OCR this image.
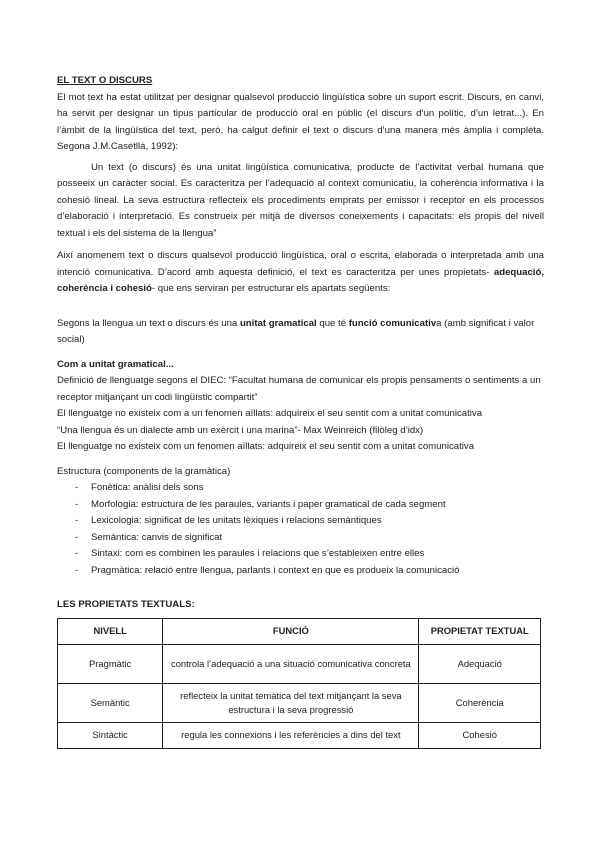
EL TEXT O DISCURS

El mot text ha estat utilitzat per designar qualsevol producció lingüística sobre un suport escrit. Discurs, en canvi, ha servit per designar un tipus particular de producció oral en públic (el discurs d’un polític, d’un letrat...). En l’àmbit de la lingüística del text, però, ha calgut definir el text o discurs d’una manera més àmplia i completa. Segona J.M.Casetllà, 1992):

Un text (o discurs) és una unitat lingüística comunicativa, producte de l’activitat verbal humana que posseeix un caràcter social. Es caracteritza per l’adequació al context comunicatiu, la coherència informativa i la cohesió lineal. La seva estructura reflecteix els procediments emprats per emissor i receptor en els processos d’elaboració i interpretació. Es construeix per mitjà de diversos coneixements i capacitats: els propis del nivell textual i els del sistema de la llengua”

Així anomenem text o discurs qualsevol producció lingüística, oral o escrita, elaborada o interpretada amb una intenció comunicativa. D’acord amb aquesta definició, el text es caracteritza per unes propietats- adequació, coherència i cohesió- que ens serviran per estructurar els apartats següents:

Segons la llengua un text o discurs és una unitat gramatical que té funció comunicativa (amb significat i valor social)

Com a unitat gramatical...

Definició de llenguatge segons el DIEC: “Facultat humana de comunicar els propis pensaments o sentiments a un receptor mitjançant un codi lingüístic compartit”

El llenguatge no existeix com a un fenomen aïllats: adquireix el seu sentit com a unitat comunicativa

“Una llengua és un dialecte amb un exèrcit i una marina”- Max Weinreich (filòleg d’idx)

El llenguatge no existeix com un fenomen aïllats: adquireix el seu sentit com a unitat comunicativa

Estructura (components de la gramàtica)

- Fonètica: anàlisi dels sons
- Morfologia: estructura de les paraules, variants i paper gramatical de cada segment
- Lexicologia: significat de les unitats lèxiques i relacions semàntiques
- Semàntica: canvis de significat
- Sintaxi: com es combinen les paraules i relacions que s’estableixen entre elles
- Pragmàtica: relació entre llengua, parlants i context en que es produeix la comunicació

LES PROPIETATS TEXTUALS:

NIVELL	FUNCIÓ	PROPIETAT TEXTUAL
Pragmàtic	controla l’adequació a una situació comunicativa concreta	Adequació
Semàntic	reflecteix la unitat temàtica del text mitjançant la seva estructura i la seva progressió	Coherència
Sintàctic	regula les connexions i les referències a dins del text	Cohesió
